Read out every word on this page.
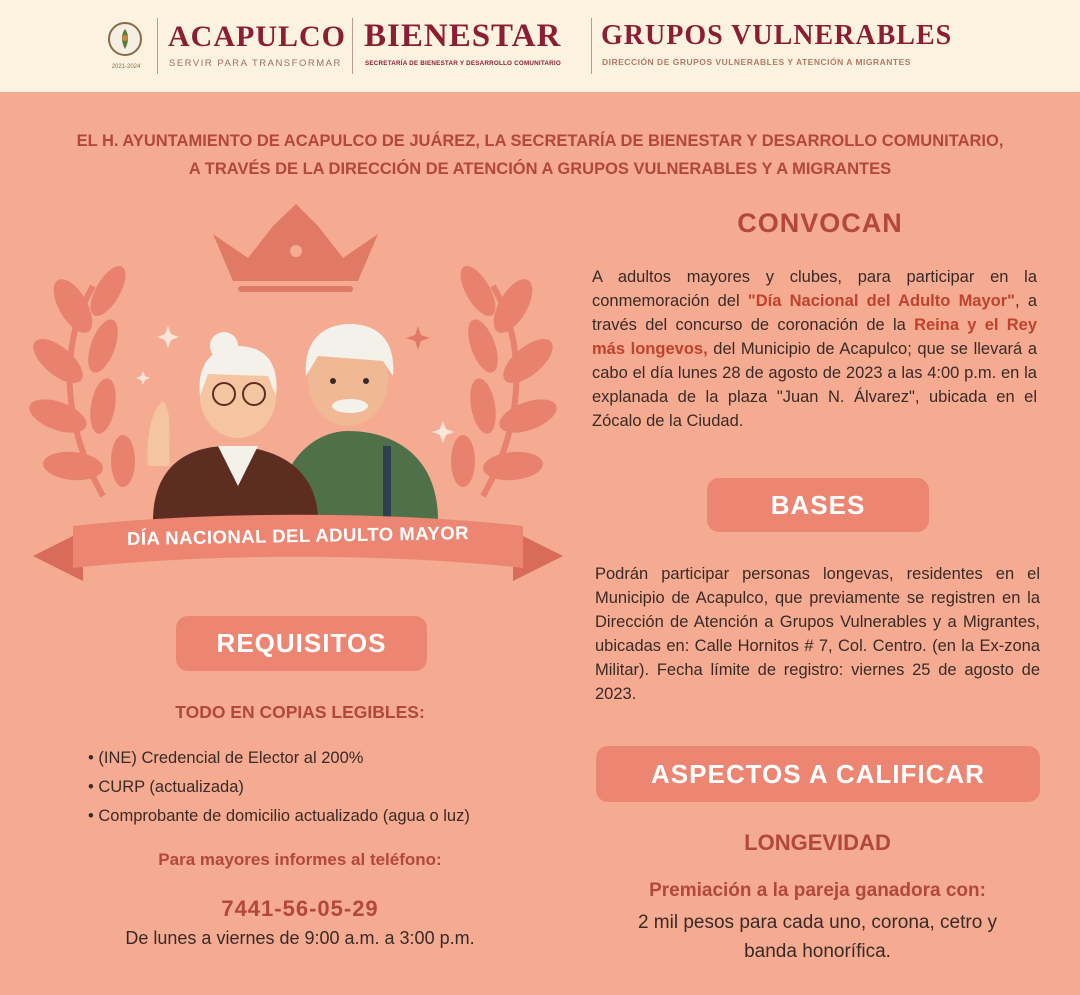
2021-2024
ACAPULCO
SERVIR PARA TRANSFORMAR
BIENESTAR
SECRETARÍA DE BIENESTAR Y DESARROLLO COMUNITARIO
GRUPOS VULNERABLES
DIRECCIÓN DE GRUPOS VULNERABLES Y ATENCIÓN A MIGRANTES
EL H. AYUNTAMIENTO DE ACAPULCO DE JUÁREZ, LA SECRETARÍA DE BIENESTAR Y DESARROLLO COMUNITARIO,
A TRAVÉS DE LA DIRECCIÓN DE ATENCIÓN A GRUPOS VULNERABLES Y A MIGRANTES
DÍA NACIONAL DEL ADULTO MAYOR
CONVOCAN
A adultos mayores y clubes, para participar en la conmemoración del "Día Nacional del Adulto Mayor", a través del concurso de coronación de la Reina y el Rey más longevos, del Municipio de Acapulco; que se llevará a cabo el día lunes 28 de agosto de 2023 a las 4:00 p.m. en la explanada de la plaza "Juan N. Álvarez", ubicada en el Zócalo de la Ciudad.
BASES
Podrán participar personas longevas, residentes en el Municipio de Acapulco, que previamente se registren en la Dirección de Atención a Grupos Vulnerables y a Migrantes, ubicadas en: Calle Hornitos # 7, Col. Centro. (en la Ex-zona Militar). Fecha límite de registro: viernes 25 de agosto de 2023.
ASPECTOS A CALIFICAR
LONGEVIDAD
Premiación a la pareja ganadora con:
2 mil pesos para cada uno, corona, cetro y
banda honorífica.
REQUISITOS
TODO EN COPIAS LEGIBLES:
• (INE) Credencial de Elector al 200%
• CURP (actualizada)
• Comprobante de domicilio actualizado (agua o luz)
Para mayores informes al teléfono:
7441-56-05-29
De lunes a viernes de 9:00 a.m. a 3:00 p.m.
